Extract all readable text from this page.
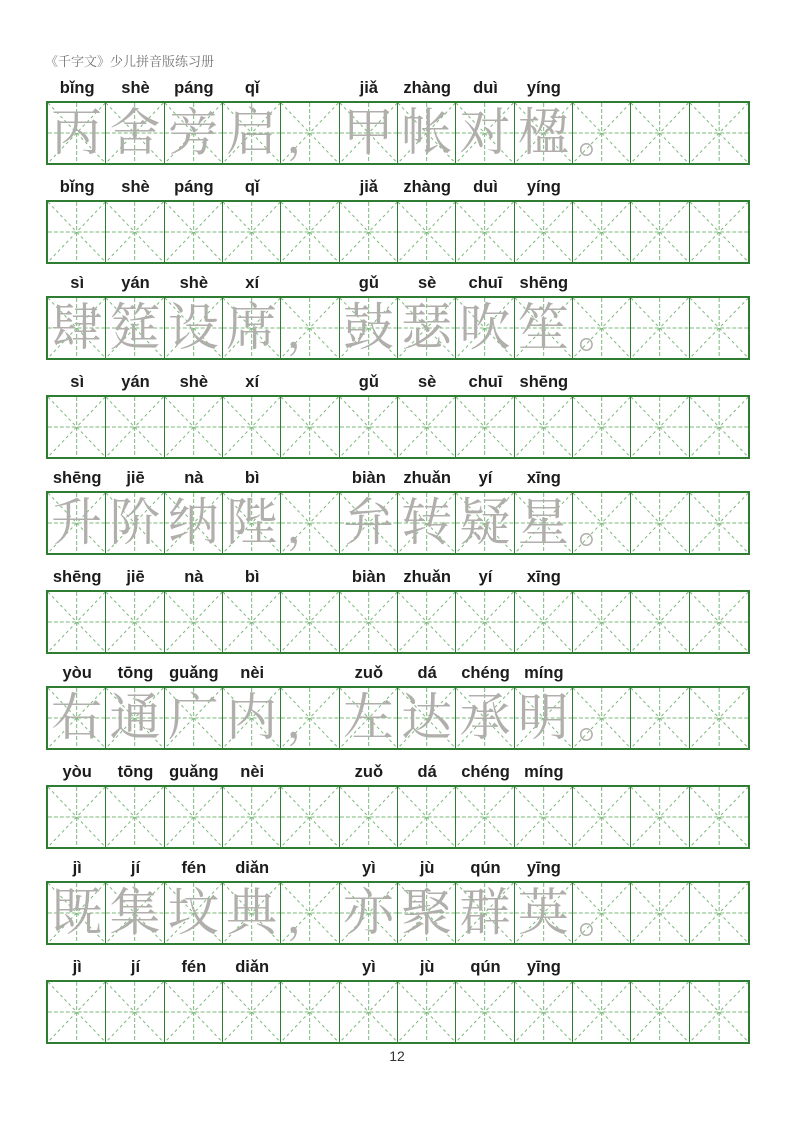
《千字文》少儿拼音版练习册
bǐng	shè	páng	qǐ	jiǎ	zhàng	duì	yíng
丙 舍 旁 启 ， 甲 帐 对 楹 。
bǐng	shè	páng	qǐ	jiǎ	zhàng	duì	yíng
sì	yán	shè	xí	gǔ	sè	chuī	shēng
肆 筵 设 席 ， 鼓 瑟 吹 笙 。
sì	yán	shè	xí	gǔ	sè	chuī	shēng
shēng	jiē	nà	bì	biàn	zhuǎn	yí	xīng
升 阶 纳 陛 ， 弁 转 疑 星 。
shēng	jiē	nà	bì	biàn	zhuǎn	yí	xīng
yòu	tōng guǎng	nèi	zuǒ	dá	chéng míng
右 通 广 内 ， 左 达 承 明 。
yòu	tōng guǎng	nèi	zuǒ	dá	chéng míng
jì	jí	fén	diǎn	yì	jù	qún	yīng
既 集 坟 典 ， 亦 聚 群 英 。
jì	jí	fén	diǎn	yì	jù	qún	yīng
12
